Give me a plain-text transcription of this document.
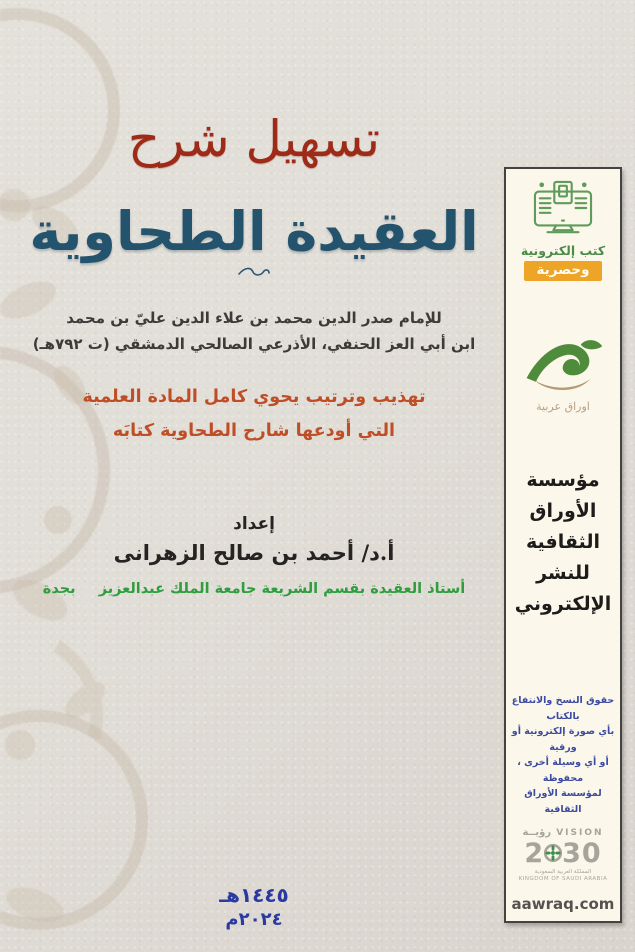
تسهيل شرح
العقيدة الطحاوية
للإمام صدر الدين محمد بن علاء الدين عليّ بن محمد
ابن أبي العز الحنفي، الأذرعي الصالحي الدمشقي (ت ٧٩٢هـ)
تهذيب وترتيب يحوي كامل المادة العلمية
التي أودعها شارح الطحاوية كتابَه
إعداد
أ.د/ أحمد بن صالح الزهرانى
أستاذ العقيدة بقسم الشريعة جامعة الملك عبدالعزيز بجدة
١٤٤٥هـ
٢٠٢٤م
كتب إلكترونية
وحصرية
اوراق عربية
مؤسسة
الأوراق
الثقافية
للنشر
الإلكتروني
حقوق النسخ والانتفاع بالكتاب
بأي صورة إلكترونية أو ورقية
أو أي وسيلة أخرى ، محفوظة
لمؤسسة الأوراق الثقافية
VISION رؤيــة
2 30
المملكة العربية السعودية
KINGDOM OF SAUDI ARABIA
aawraq.com
